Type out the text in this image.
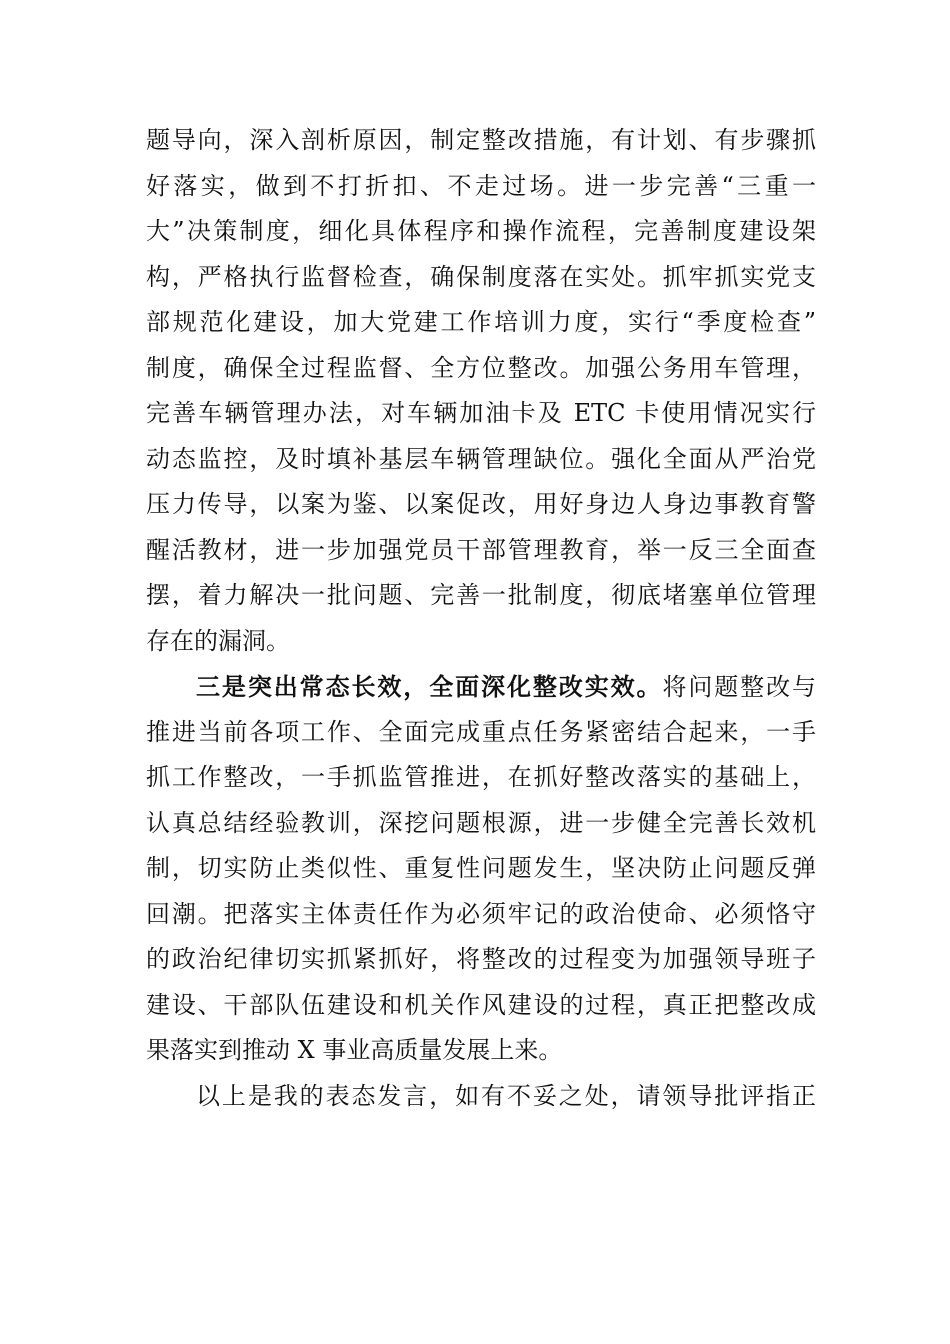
题导向，深入剖析原因，制定整改措施，有计划、有步骤抓
好落实，做到不打折扣、不走过场。进一步完善“三重一
大”决策制度，细化具体程序和操作流程，完善制度建设架
构，严格执行监督检查，确保制度落在实处。抓牢抓实党支
部规范化建设，加大党建工作培训力度，实行“季度检查”
制度，确保全过程监督、全方位整改。加强公务用车管理，
完善车辆管理办法，对车辆加油卡及 ETC 卡使用情况实行
动态监控，及时填补基层车辆管理缺位。强化全面从严治党
压力传导，以案为鉴、以案促改，用好身边人身边事教育警
醒活教材，进一步加强党员干部管理教育，举一反三全面查
摆，着力解决一批问题、完善一批制度，彻底堵塞单位管理
存在的漏洞。
三是突出常态长效，全面深化整改实效。将问题整改与
推进当前各项工作、全面完成重点任务紧密结合起来，一手
抓工作整改，一手抓监管推进，在抓好整改落实的基础上，
认真总结经验教训，深挖问题根源，进一步健全完善长效机
制，切实防止类似性、重复性问题发生，坚决防止问题反弹
回潮。把落实主体责任作为必须牢记的政治使命、必须恪守
的政治纪律切实抓紧抓好，将整改的过程变为加强领导班子
建设、干部队伍建设和机关作风建设的过程，真正把整改成
果落实到推动 X 事业高质量发展上来。
以上是我的表态发言，如有不妥之处，请领导批评指正
